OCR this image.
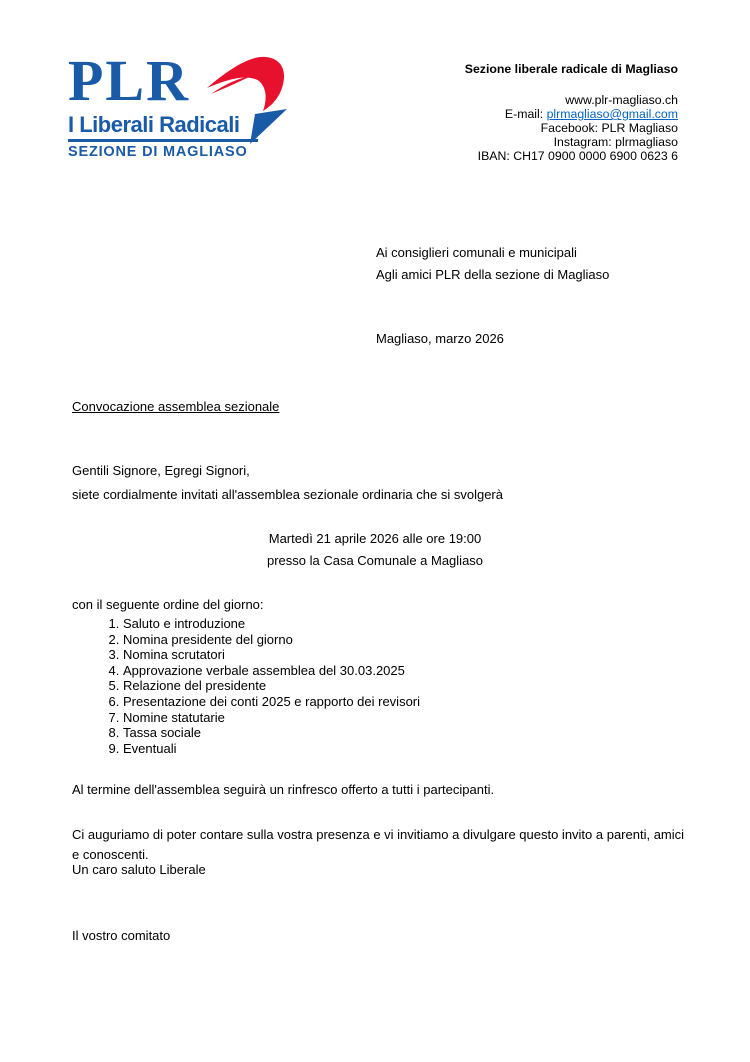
PLR
I Liberali Radicali
SEZIONE DI MAGLIASO
Sezione liberale radicale di Magliaso
www.plr-magliaso.ch
E-mail: plrmagliaso@gmail.com
Facebook: PLR Magliaso
Instagram: plrmagliaso
IBAN: CH17 0900 0000 6900 0623 6
Ai consiglieri comunali e municipali
Agli amici PLR della sezione di Magliaso
Magliaso, marzo 2026
Convocazione assemblea sezionale
Gentili Signore, Egregi Signori,
siete cordialmente invitati all'assemblea sezionale ordinaria che si svolgerà
Martedì 21 aprile 2026 alle ore 19:00
presso la Casa Comunale a Magliaso
con il seguente ordine del giorno:
1. Saluto e introduzione
2. Nomina presidente del giorno
3. Nomina scrutatori
4. Approvazione verbale assemblea del 30.03.2025
5. Relazione del presidente
6. Presentazione dei conti 2025 e rapporto dei revisori
7. Nomine statutarie
8. Tassa sociale
9. Eventuali
Al termine dell'assemblea seguirà un rinfresco offerto a tutti i partecipanti.
Ci auguriamo di poter contare sulla vostra presenza e vi invitiamo a divulgare questo invito a parenti, amici e conoscenti.
Un caro saluto Liberale
Il vostro comitato
